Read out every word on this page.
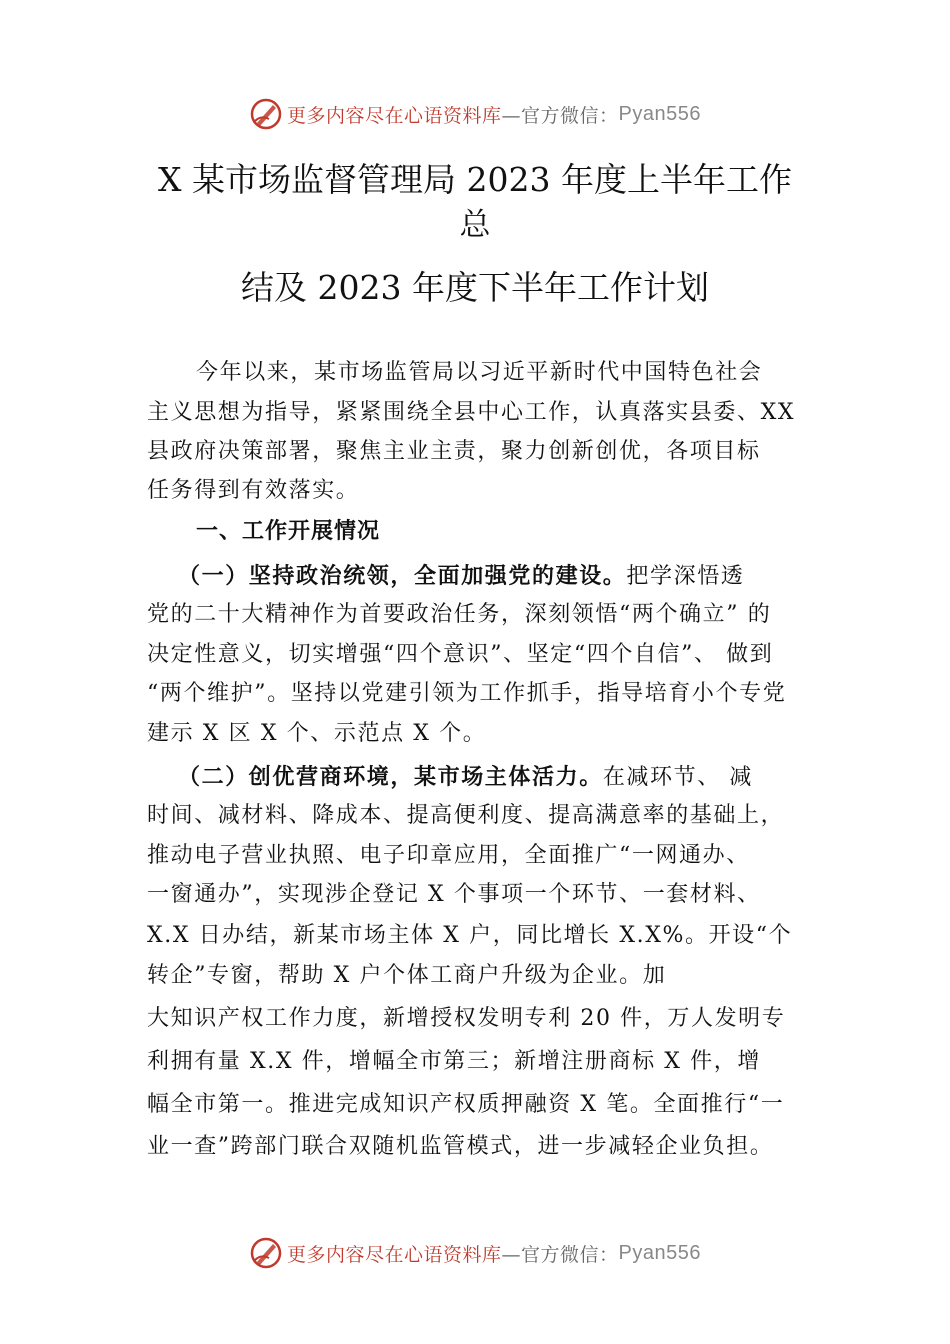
更多内容尽在心语资料库 —官方微信： Pyan556
X 某市场监督管理局 2023 年度上半年工作
总
结及 2023 年度下半年工作计划
今年以来，某市场监管局以习近平新时代中国特色社会
主义思想为指导，紧紧围绕全县中心工作，认真落实县委、XX
县政府决策部署，聚焦主业主责，聚力创新创优，各项目标
任务得到有效落实。
一、工作开展情况
（一）坚持政治统领，全面加强党的建设。把学深悟透
党的二十大精神作为首要政治任务，深刻领悟“两个确立” 的
决定性意义，切实增强“四个意识”、坚定“四个自信”、 做到
“两个维护”。坚持以党建引领为工作抓手，指导培育小个专党
建示 X 区 X 个、示范点 X 个。
（二）创优营商环境，某市场主体活力。在减环节、 减
时间、减材料、降成本、提高便利度、提高满意率的基础上，
推动电子营业执照、电子印章应用，全面推广“一网通办、
一窗通办”，实现涉企登记 X 个事项一个环节、一套材料、
X.X 日办结，新某市场主体 X 户，同比增长 X.X%。开设“个
转企”专窗，帮助 X 户个体工商户升级为企业。加
大知识产权工作力度，新增授权发明专利 20 件，万人发明专
利拥有量 X.X 件，增幅全市第三；新增注册商标 X 件，增
幅全市第一。推进完成知识产权质押融资 X 笔。全面推行“一
业一查”跨部门联合双随机监管模式，进一步减轻企业负担。
更多内容尽在心语资料库 —官方微信： Pyan556
